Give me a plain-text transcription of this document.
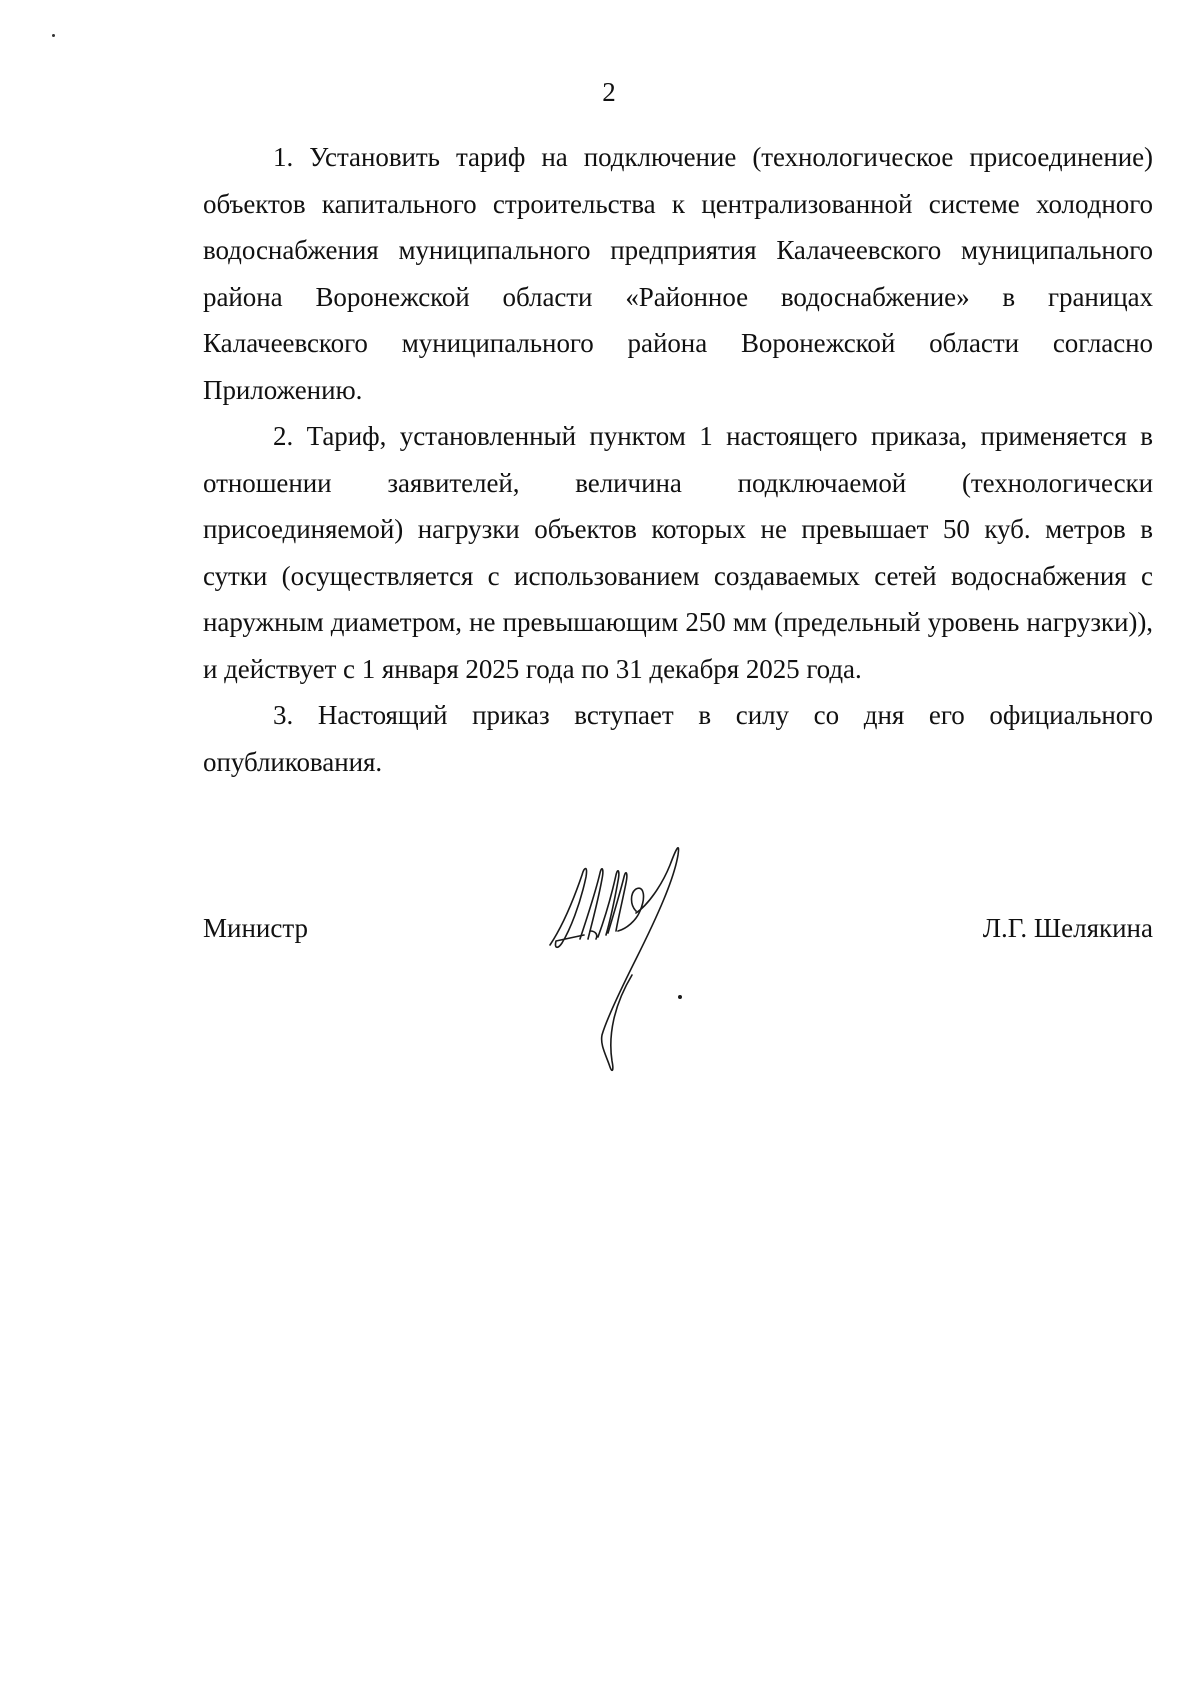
2

1. Установить тариф на подключение (технологическое присоединение) объектов капитального строительства к централизованной системе холодного водоснабжения муниципального предприятия Калачеевского муниципального района Воронежской области «Районное водоснабжение» в границах Калачеевского муниципального района Воронежской области согласно Приложению.

2. Тариф, установленный пунктом 1 настоящего приказа, применяется в отношении заявителей, величина подключаемой (технологически присоединяемой) нагрузки объектов которых не превышает 50 куб. метров в сутки (осуществляется с использованием создаваемых сетей водоснабжения с наружным диаметром, не превышающим 250 мм (предельный уровень нагрузки)), и действует с 1 января 2025 года по 31 декабря 2025 года.

3. Настоящий приказ вступает в силу со дня его официального опубликования.

Министр	Л.Г. Шелякина
